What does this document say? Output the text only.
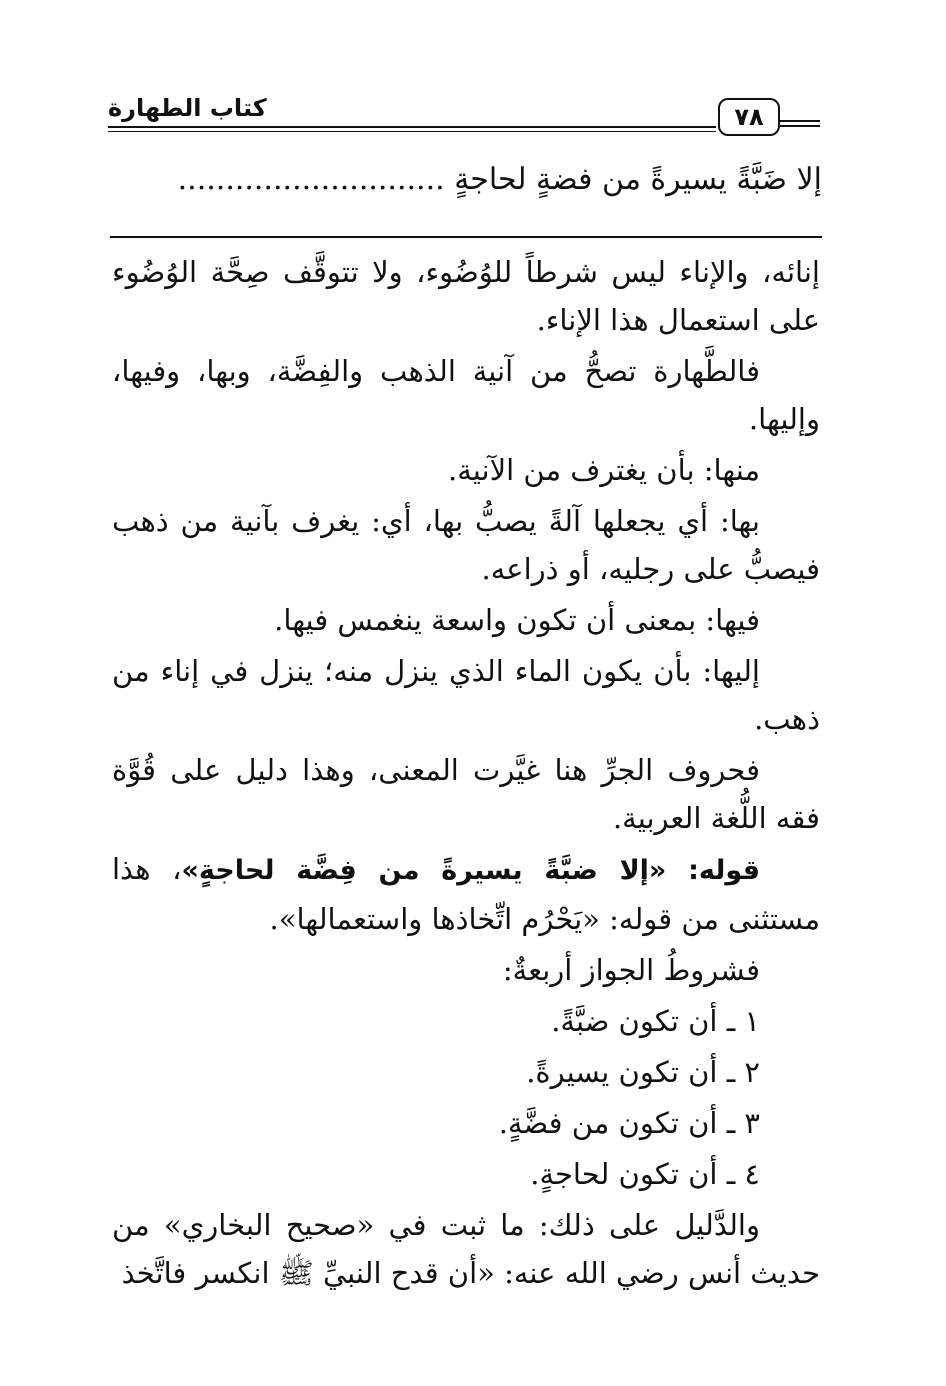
كتاب الطهارة	٧٨
إلا ضَبَّةً يسيرةً من فضةٍ لحاجةٍ ............................

إنائه، والإناء ليس شرطاً للوُضُوء، ولا تتوقَّف صِحَّة الوُضُوء على استعمال هذا الإناء.

فالطَّهارة تصحُّ من آنية الذهب والفِضَّة، وبها، وفيها، وإليها.

منها: بأن يغترف من الآنية.

بها: أي يجعلها آلةً يصبُّ بها، أي: يغرف بآنية من ذهب فيصبُّ على رجليه، أو ذراعه.

فيها: بمعنى أن تكون واسعة ينغمس فيها.

إليها: بأن يكون الماء الذي ينزل منه؛ ينزل في إناء من ذهب.

فحروف الجرِّ هنا غيَّرت المعنى، وهذا دليل على قُوَّة فقه اللُّغة العربية.

قوله: «إلا ضبَّةً يسيرةً من فِضَّة لحاجةٍ»، هذا مستثنى من قوله: «يَحْرُم اتِّخاذها واستعمالها».

فشروطُ الجواز أربعةٌ:

١ ـ أن تكون ضبَّةً.

٢ ـ أن تكون يسيرةً.

٣ ـ أن تكون من فضَّةٍ.

٤ ـ أن تكون لحاجةٍ.

والدَّليل على ذلك: ما ثبت في «صحيح البخاري» من حديث أنس رضي الله عنه: «أن قدح النبيِّ ﷺ انكسر فاتَّخذ
